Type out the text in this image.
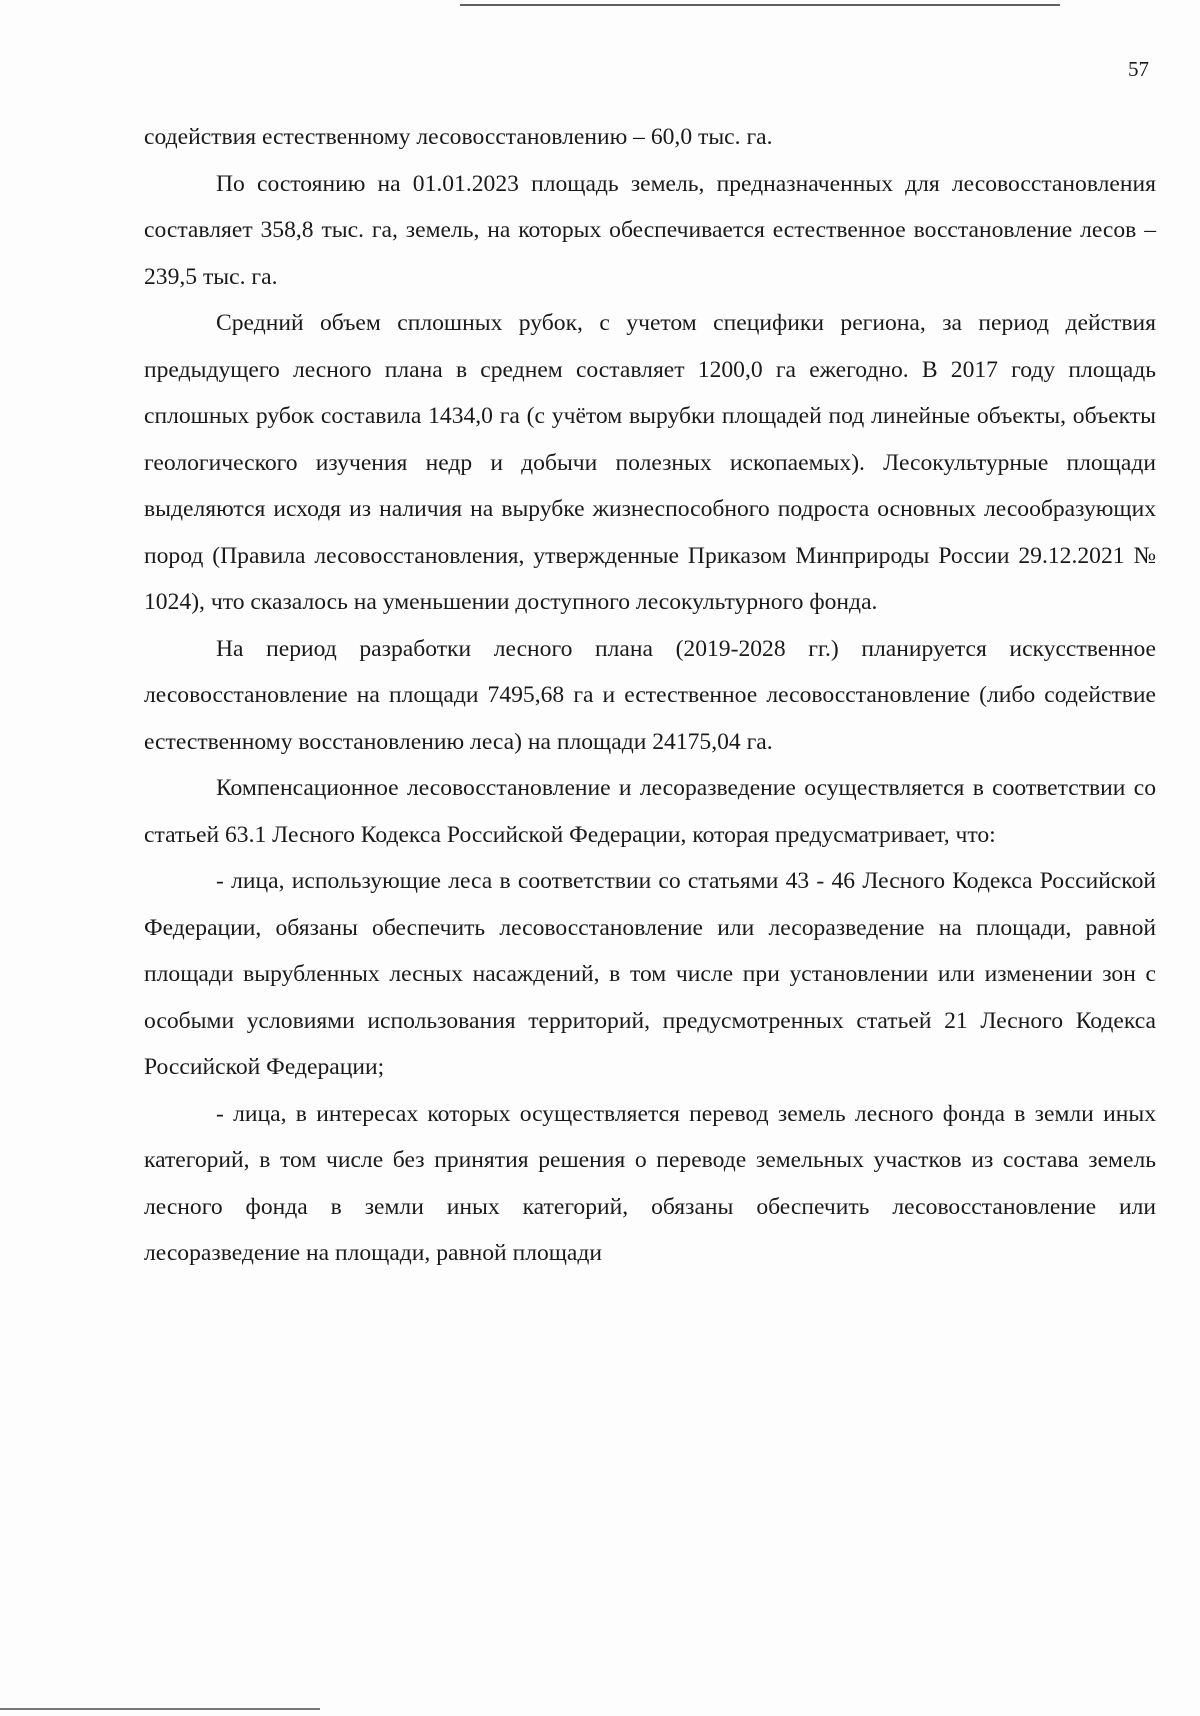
57

содействия естественному лесовосстановлению – 60,0 тыс. га.

По состоянию на 01.01.2023 площадь земель, предназначенных для лесовосстановления составляет 358,8 тыс. га, земель, на которых обеспечивается естественное восстановление лесов – 239,5 тыс. га.

Средний объем сплошных рубок, с учетом специфики региона, за период действия предыдущего лесного плана в среднем составляет 1200,0 га ежегодно. В 2017 году площадь сплошных рубок составила 1434,0 га (с учётом вырубки площадей под линейные объекты, объекты геологического изучения недр и добычи полезных ископаемых). Лесокультурные площади выделяются исходя из наличия на вырубке жизнеспособного подроста основных лесообразующих пород (Правила лесовосстановления, утвержденные Приказом Минприроды России 29.12.2021 № 1024), что сказалось на уменьшении доступного лесокультурного фонда.

На период разработки лесного плана (2019-2028 гг.) планируется искусственное лесовосстановление на площади 7495,68 га и естественное лесовосстановление (либо содействие естественному восстановлению леса) на площади 24175,04 га.

Компенсационное лесовосстановление и лесоразведение осуществляется в соответствии со статьей 63.1 Лесного Кодекса Российской Федерации, которая предусматривает, что:

- лица, использующие леса в соответствии со статьями 43 - 46 Лесного Кодекса Российской Федерации, обязаны обеспечить лесовосстановление или лесоразведение на площади, равной площади вырубленных лесных насаждений, в том числе при установлении или изменении зон с особыми условиями использования территорий, предусмотренных статьей 21 Лесного Кодекса Российской Федерации;

- лица, в интересах которых осуществляется перевод земель лесного фонда в земли иных категорий, в том числе без принятия решения о переводе земельных участков из состава земель лесного фонда в земли иных категорий, обязаны обеспечить лесовосстановление или лесоразведение на площади, равной площади
